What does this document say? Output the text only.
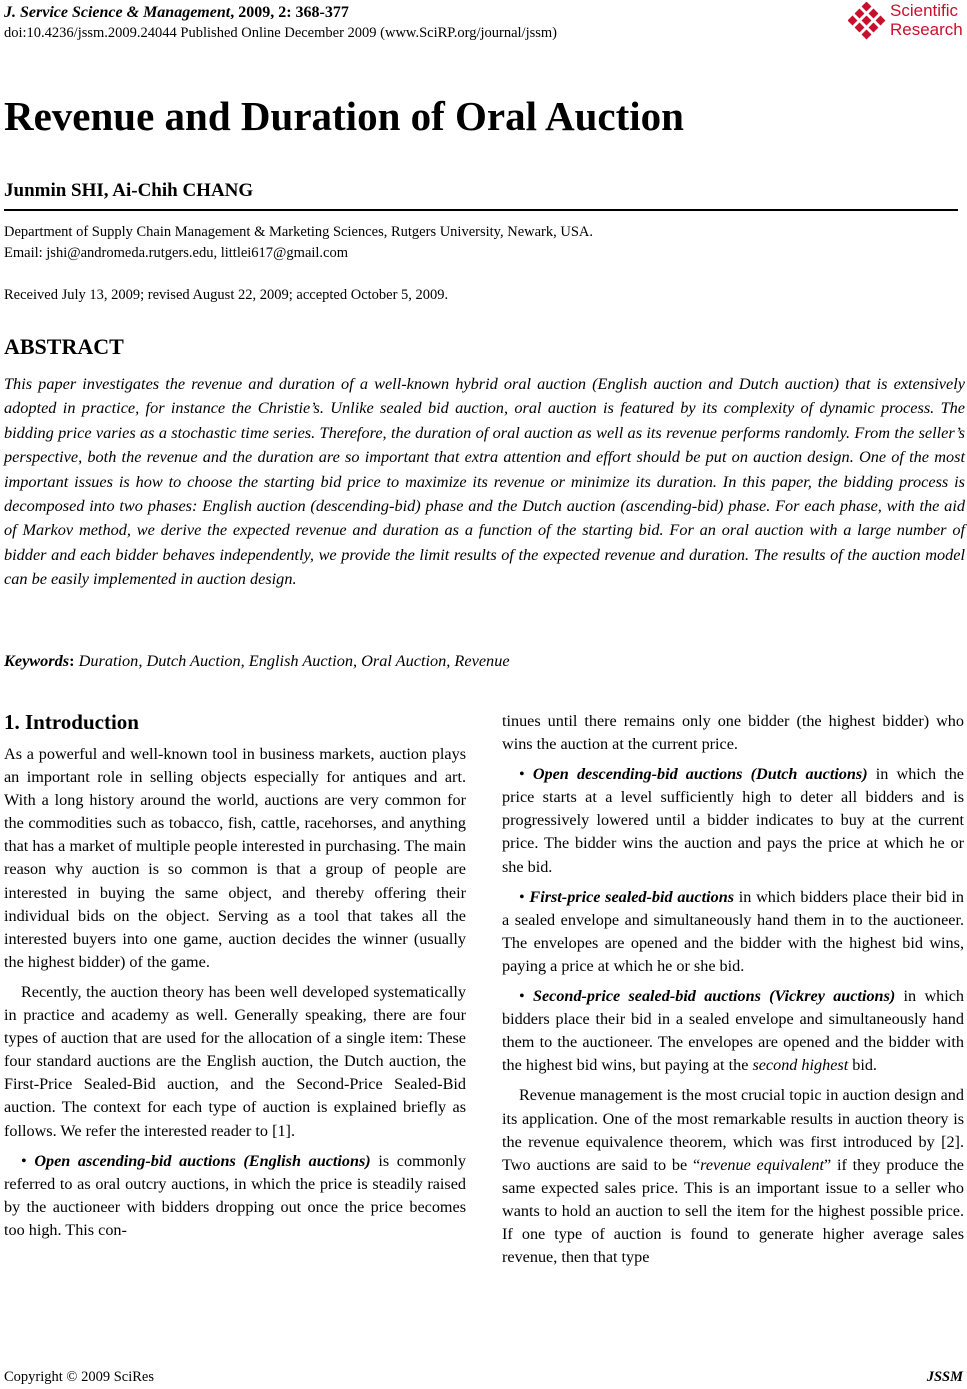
J. Service Science & Management, 2009, 2: 368-377
doi:10.4236/jssm.2009.24044 Published Online December 2009 (www.SciRP.org/journal/jssm)
Scientific
Research
Revenue and Duration of Oral Auction
Junmin SHI, Ai-Chih CHANG
Department of Supply Chain Management & Marketing Sciences, Rutgers University, Newark, USA.
Email: jshi@andromeda.rutgers.edu, littlei617@gmail.com
Received July 13, 2009; revised August 22, 2009; accepted October 5, 2009.
ABSTRACT
This paper investigates the revenue and duration of a well-known hybrid oral auction (English auction and Dutch auction) that is extensively adopted in practice, for instance the Christie’s. Unlike sealed bid auction, oral auction is featured by its complexity of dynamic process. The bidding price varies as a stochastic time series. Therefore, the duration of oral auction as well as its revenue performs randomly. From the seller’s perspective, both the revenue and the duration are so important that extra attention and effort should be put on auction design. One of the most important issues is how to choose the starting bid price to maximize its revenue or minimize its duration. In this paper, the bidding process is decomposed into two phases: English auction (descending-bid) phase and the Dutch auction (ascending-bid) phase. For each phase, with the aid of Markov method, we derive the expected revenue and duration as a function of the starting bid. For an oral auction with a large number of bidder and each bidder behaves independently, we provide the limit results of the expected revenue and duration. The results of the auction model can be easily implemented in auction design.
Keywords: Duration, Dutch Auction, English Auction, Oral Auction, Revenue
1. Introduction

As a powerful and well-known tool in business markets, auction plays an important role in selling objects especially for antiques and art. With a long history around the world, auctions are very common for the commodities such as tobacco, fish, cattle, racehorses, and anything that has a market of multiple people interested in purchasing. The main reason why auction is so common is that a group of people are interested in buying the same object, and thereby offering their individual bids on the object. Serving as a tool that takes all the interested buyers into one game, auction decides the winner (usually the highest bidder) of the game.

Recently, the auction theory has been well developed systematically in practice and academy as well. Generally speaking, there are four types of auction that are used for the allocation of a single item: These four standard auctions are the English auction, the Dutch auction, the First-Price Sealed-Bid auction, and the Second-Price Sealed-Bid auction. The context for each type of auction is explained briefly as follows. We refer the interested reader to [1].

• Open ascending-bid auctions (English auctions) is commonly referred to as oral outcry auctions, in which the price is steadily raised by the auctioneer with bidders dropping out once the price becomes too high. This con-

tinues until there remains only one bidder (the highest bidder) who wins the auction at the current price.

• Open descending-bid auctions (Dutch auctions) in which the price starts at a level sufficiently high to deter all bidders and is progressively lowered until a bidder indicates to buy at the current price. The bidder wins the auction and pays the price at which he or she bid.

• First-price sealed-bid auctions in which bidders place their bid in a sealed envelope and simultaneously hand them in to the auctioneer. The envelopes are opened and the bidder with the highest bid wins, paying a price at which he or she bid.

• Second-price sealed-bid auctions (Vickrey auctions) in which bidders place their bid in a sealed envelope and simultaneously hand them to the auctioneer. The envelopes are opened and the bidder with the highest bid wins, but paying at the second highest bid.

Revenue management is the most crucial topic in auction design and its application. One of the most remarkable results in auction theory is the revenue equivalence theorem, which was first introduced by [2]. Two auctions are said to be “revenue equivalent” if they produce the same expected sales price. This is an important issue to a seller who wants to hold an auction to sell the item for the highest possible price. If one type of auction is found to generate higher average sales revenue, then that type

Copyright © 2009 SciRes	JSSM
